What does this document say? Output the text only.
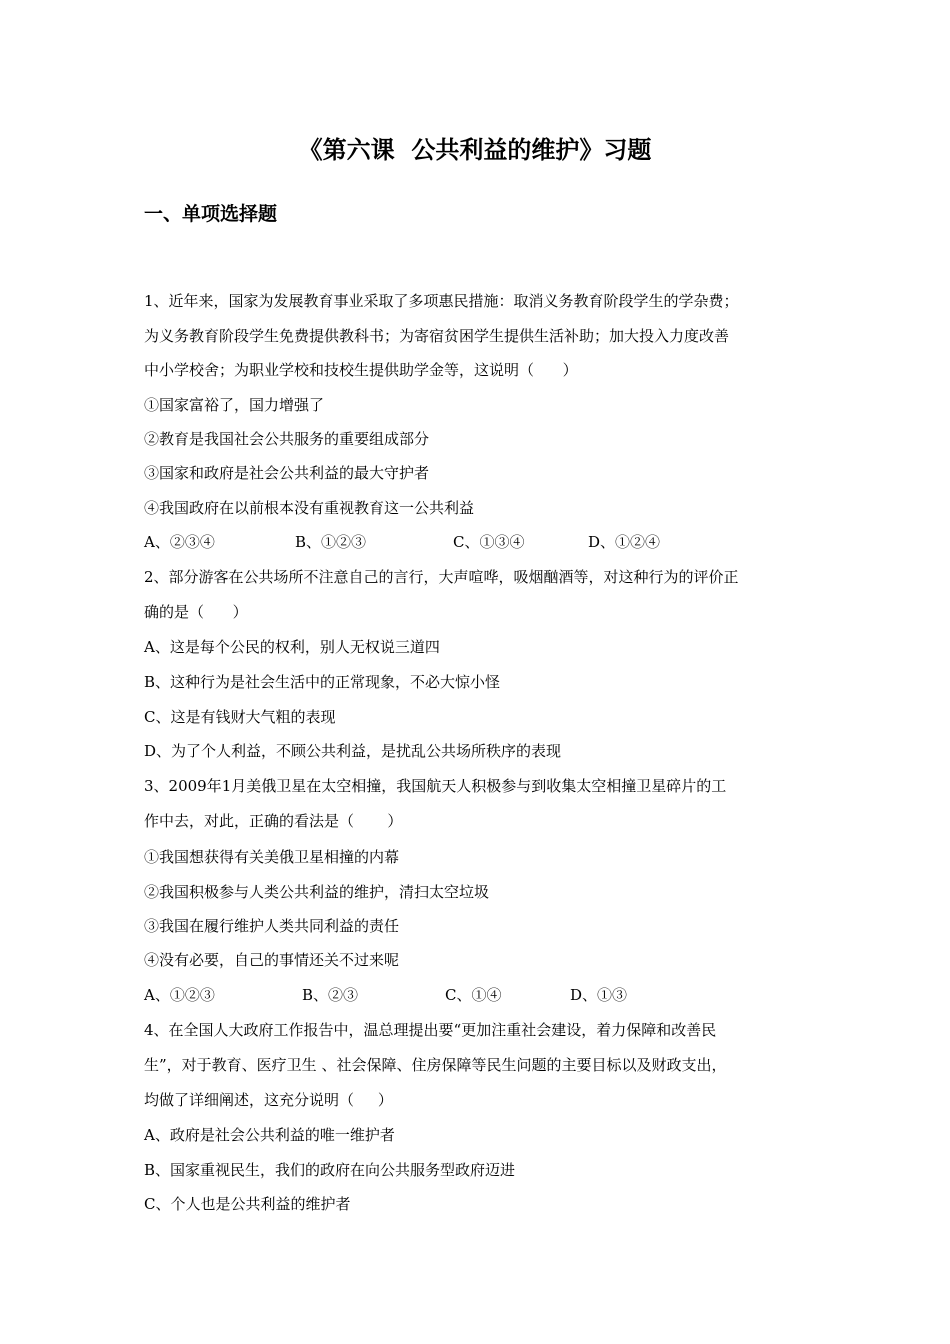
《第六课  公共利益的维护》习题
一、单项选择题
1、近年来，国家为发展教育事业采取了多项惠民措施：取消义务教育阶段学生的学杂费；
为义务教育阶段学生免费提供教科书；为寄宿贫困学生提供生活补助；加大投入力度改善
中小学校舍；为职业学校和技校生提供助学金等，这说明（      ）
①国家富裕了，国力增强了
②教育是我国社会公共服务的重要组成部分
③国家和政府是社会公共利益的最大守护者
④我国政府在以前根本没有重视教育这一公共利益
A、②③④	B、①②③	C、①③④	D、①②④
2、部分游客在公共场所不注意自己的言行，大声喧哗，吸烟酗酒等，对这种行为的评价正
确的是（      ）
A、这是每个公民的权利，别人无权说三道四
B、这种行为是社会生活中的正常现象，不必大惊小怪
C、这是有钱财大气粗的表现
D、为了个人利益，不顾公共利益，是扰乱公共场所秩序的表现
3、2009年1月美俄卫星在太空相撞，我国航天人积极参与到收集太空相撞卫星碎片的工
作中去，对此，正确的看法是（       ）
①我国想获得有关美俄卫星相撞的内幕
②我国积极参与人类公共利益的维护，清扫太空垃圾
③我国在履行维护人类共同利益的责任
④没有必要，自己的事情还关不过来呢
A、①②③	B、②③	C、①④	D、①③
4、在全国人大政府工作报告中，温总理提出要“更加注重社会建设，着力保障和改善民
生”，对于教育、医疗卫生 、社会保障、住房保障等民生问题的主要目标以及财政支出，
均做了详细阐述，这充分说明（     ）
A、政府是社会公共利益的唯一维护者
B、国家重视民生，我们的政府在向公共服务型政府迈进
C、个人也是公共利益的维护者
